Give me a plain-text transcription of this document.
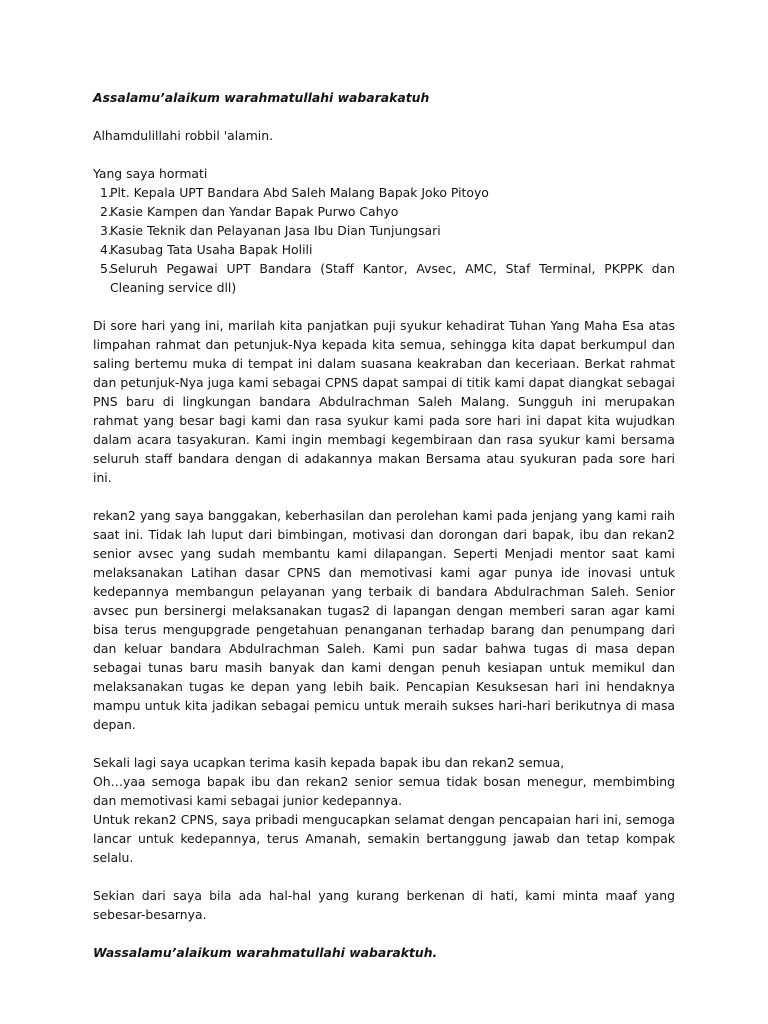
Assalamu’alaikum warahmatullahi wabarakatuh

Alhamdulillahi robbil 'alamin.

Yang saya hormati

1.
Plt. Kepala UPT Bandara Abd Saleh Malang Bapak Joko Pitoyo
2.
Kasie Kampen dan Yandar Bapak Purwo Cahyo
3.
Kasie Teknik dan Pelayanan Jasa Ibu Dian Tunjungsari
4.
Kasubag Tata Usaha Bapak Holili
5.
Seluruh Pegawai UPT Bandara (Staff Kantor, Avsec, AMC, Staf Terminal, PKPPK dan Cleaning service dll)

Di sore hari yang ini, marilah kita panjatkan puji syukur kehadirat Tuhan Yang Maha Esa atas limpahan rahmat dan petunjuk-Nya kepada kita semua, sehingga kita dapat berkumpul dan saling bertemu muka di tempat ini dalam suasana keakraban dan keceriaan. Berkat rahmat dan petunjuk-Nya juga kami sebagai CPNS dapat sampai di titik kami dapat diangkat sebagai PNS baru di lingkungan bandara Abdulrachman Saleh Malang. Sungguh ini merupakan rahmat yang besar bagi kami dan rasa syukur kami pada sore hari ini dapat kita wujudkan dalam acara tasyakuran. Kami ingin membagi kegembiraan dan rasa syukur kami bersama seluruh staff bandara dengan di adakannya makan Bersama atau syukuran pada sore hari ini.

rekan2 yang saya banggakan, keberhasilan dan perolehan kami pada jenjang yang kami raih saat ini. Tidak lah luput dari bimbingan, motivasi dan dorongan dari bapak, ibu dan rekan2 senior avsec yang sudah membantu kami dilapangan. Seperti Menjadi mentor saat kami melaksanakan Latihan dasar CPNS dan memotivasi kami agar punya ide inovasi untuk kedepannya membangun pelayanan yang terbaik di bandara Abdulrachman Saleh. Senior avsec pun bersinergi melaksanakan tugas2 di lapangan dengan memberi saran agar kami bisa terus mengupgrade pengetahuan penanganan terhadap barang dan penumpang dari dan keluar bandara Abdulrachman Saleh. Kami pun sadar bahwa tugas di masa depan sebagai tunas baru masih banyak dan kami dengan penuh kesiapan untuk memikul dan melaksanakan tugas ke depan yang lebih baik. Pencapian Kesuksesan hari ini hendaknya mampu untuk kita jadikan sebagai pemicu untuk meraih sukses hari-hari berikutnya di masa depan.

Sekali lagi saya ucapkan terima kasih kepada bapak ibu dan rekan2 semua,

Oh…yaa semoga bapak ibu dan rekan2 senior semua tidak bosan menegur, membimbing dan memotivasi kami sebagai junior kedepannya.

Untuk rekan2 CPNS, saya pribadi mengucapkan selamat dengan pencapaian hari ini, semoga lancar untuk kedepannya, terus Amanah, semakin bertanggung jawab dan tetap kompak selalu.

Sekian dari saya bila ada hal-hal yang kurang berkenan di hati, kami minta maaf yang sebesar-besarnya.

Wassalamu’alaikum warahmatullahi wabaraktuh.
